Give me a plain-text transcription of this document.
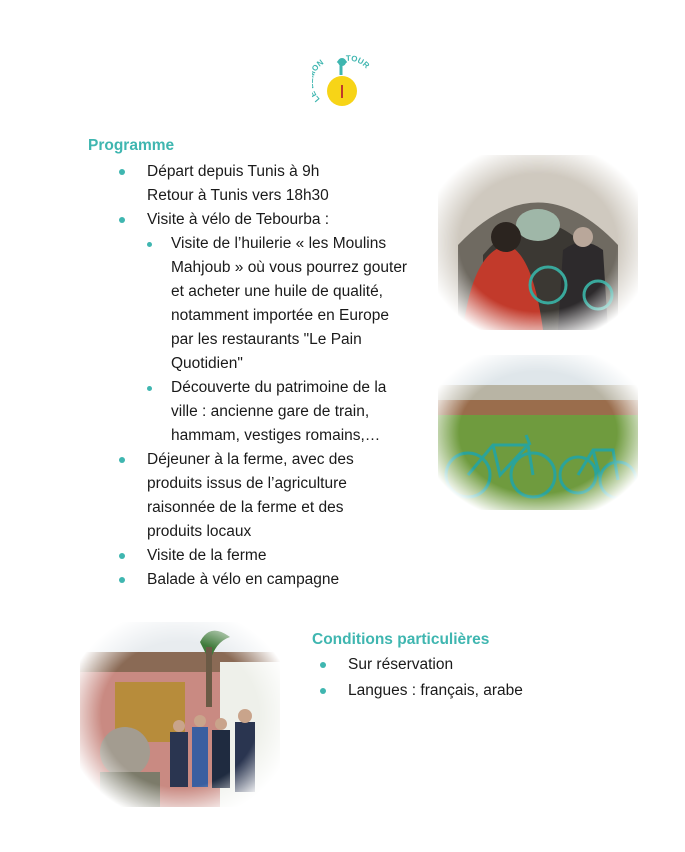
L N	TOUR
Programme
Départ depuis Tunis à 9h
Retour à Tunis vers 18h30
Visite à vélo de Tebourba :
Visite de l’huilerie « les Moulins Mahjoub » où vous pourrez gouter et acheter une huile de qualité, notamment importée en Europe par les restaurants "Le Pain Quotidien"
Découverte du patrimoine de la ville : ancienne gare de train, hammam, vestiges romains,…
Déjeuner à la ferme, avec des produits issus de l’agriculture raisonnée de la ferme et des produits locaux
Visite de la ferme
Balade à vélo en campagne
Conditions particulières
Sur réservation
Langues : français, arabe
